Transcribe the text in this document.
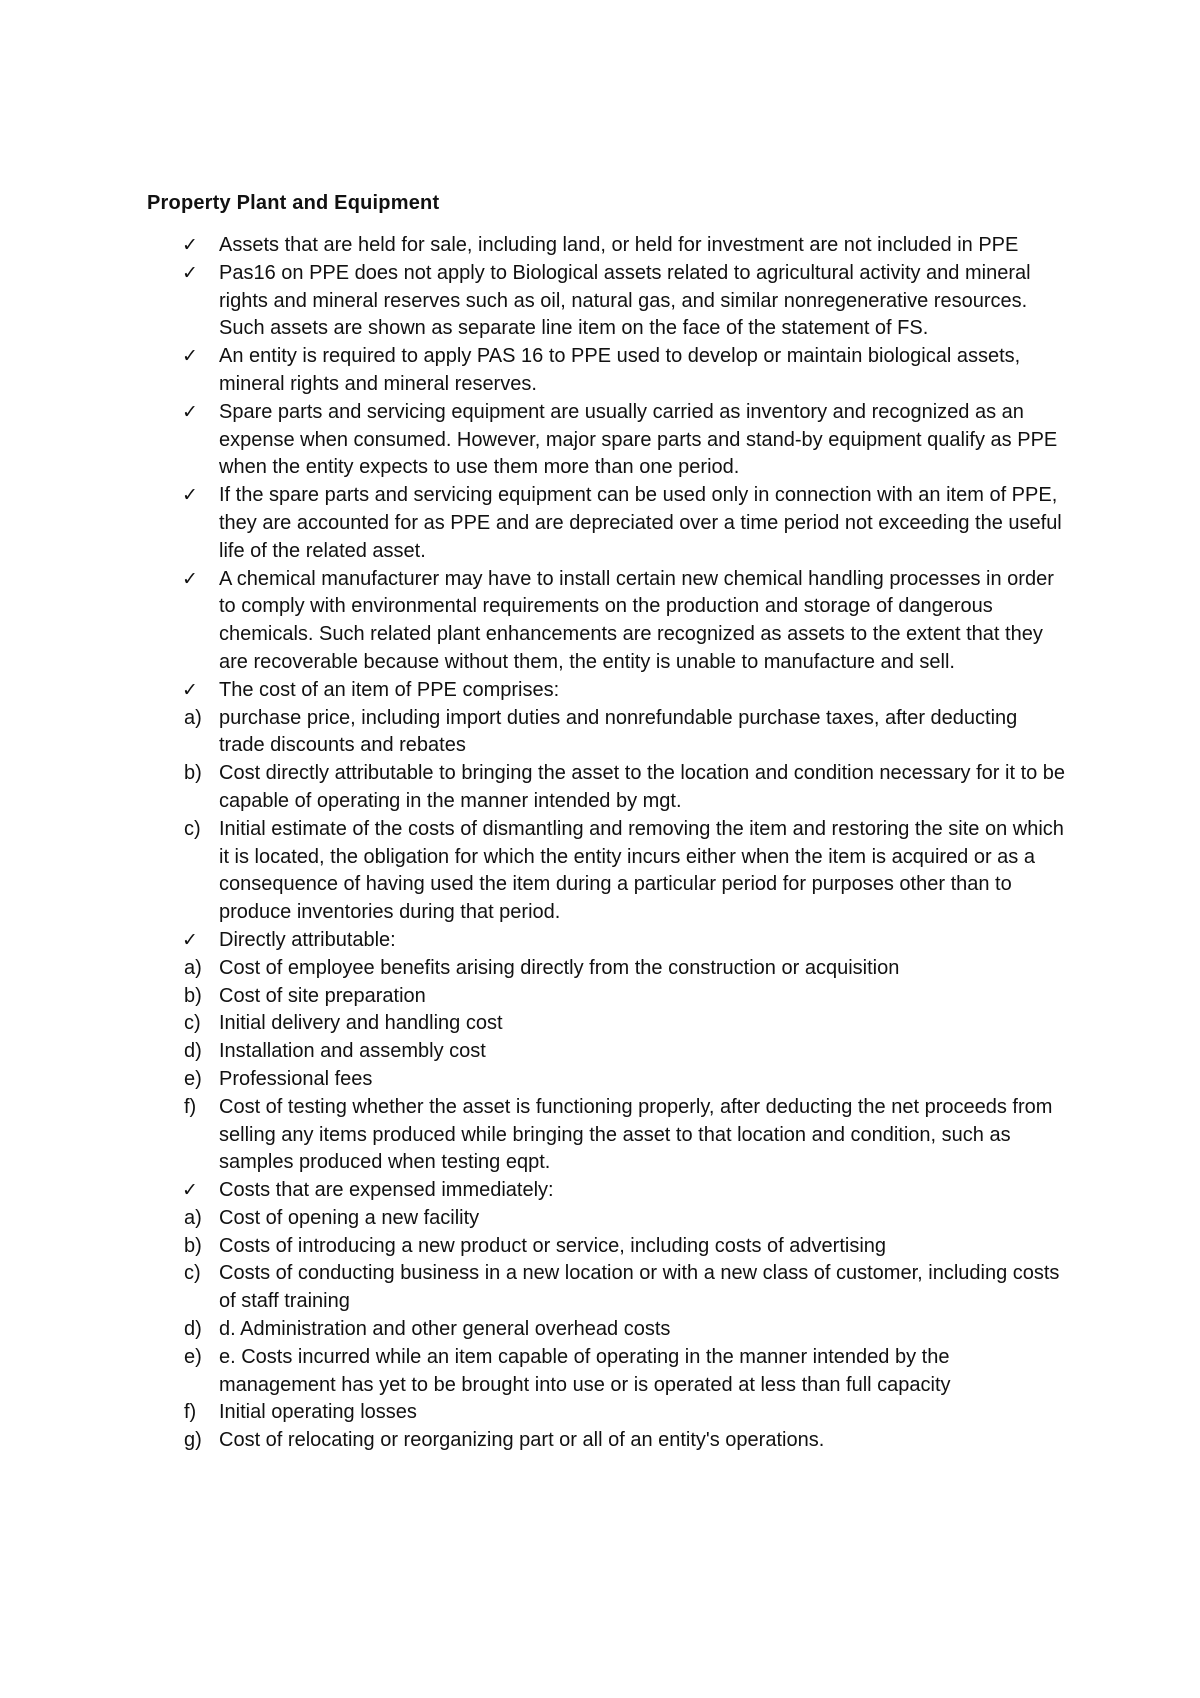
Property Plant and Equipment
✓ Assets that are held for sale, including land, or held for investment are not included in PPE
✓ Pas16 on PPE does not apply to Biological assets related to agricultural activity and mineral rights and mineral reserves such as oil, natural gas, and similar nonregenerative resources. Such assets are shown as separate line item on the face of the statement of FS.
✓ An entity is required to apply PAS 16 to PPE used to develop or maintain biological assets, mineral rights and mineral reserves.
✓ Spare parts and servicing equipment are usually carried as inventory and recognized as an expense when consumed. However, major spare parts and stand-by equipment qualify as PPE when the entity expects to use them more than one period.
✓ If the spare parts and servicing equipment can be used only in connection with an item of PPE, they are accounted for as PPE and are depreciated over a time period not exceeding the useful life of the related asset.
✓ A chemical manufacturer may have to install certain new chemical handling processes in order to comply with environmental requirements on the production and storage of dangerous chemicals. Such related plant enhancements are recognized as assets to the extent that they are recoverable because without them, the entity is unable to manufacture and sell.
✓ The cost of an item of PPE comprises:
a) purchase price, including import duties and nonrefundable purchase taxes, after deducting trade discounts and rebates
b) Cost directly attributable to bringing the asset to the location and condition necessary for it to be capable of operating in the manner intended by mgt.
c) Initial estimate of the costs of dismantling and removing the item and restoring the site on which it is located, the obligation for which the entity incurs either when the item is acquired or as a consequence of having used the item during a particular period for purposes other than to produce inventories during that period.
✓ Directly attributable:
a) Cost of employee benefits arising directly from the construction or acquisition
b) Cost of site preparation
c) Initial delivery and handling cost
d) Installation and assembly cost
e) Professional fees
f) Cost of testing whether the asset is functioning properly, after deducting the net proceeds from selling any items produced while bringing the asset to that location and condition, such as samples produced when testing eqpt.
✓ Costs that are expensed immediately:
a) Cost of opening a new facility
b) Costs of introducing a new product or service, including costs of advertising
c) Costs of conducting business in a new location or with a new class of customer, including costs of staff training
d) d. Administration and other general overhead costs
e) e. Costs incurred while an item capable of operating in the manner intended by the management has yet to be brought into use or is operated at less than full capacity
f) Initial operating losses
g) Cost of relocating or reorganizing part or all of an entity's operations.
